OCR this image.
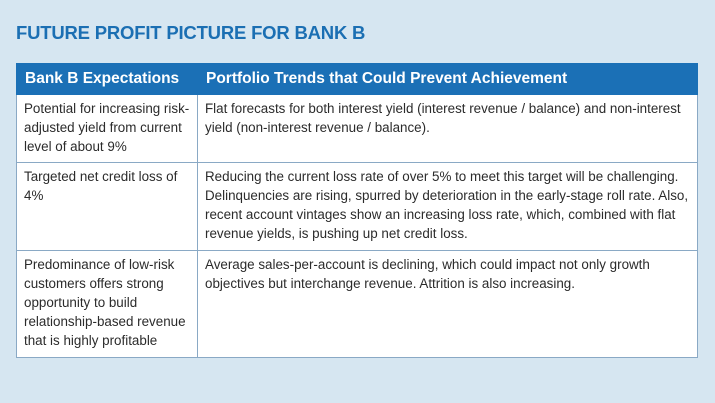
FUTURE PROFIT PICTURE FOR BANK B
Bank B Expectations	Portfolio Trends that Could Prevent Achievement
Potential for increasing risk-adjusted yield from current level of about 9%	Flat forecasts for both interest yield (interest revenue / balance) and non-interest yield (non-interest revenue / balance).
Targeted net credit loss of 4%	Reducing the current loss rate of over 5% to meet this target will be challenging. Delinquencies are rising, spurred by deterioration in the early-stage roll rate. Also, recent account vintages show an increasing loss rate, which, combined with flat revenue yields, is pushing up net credit loss.
Predominance of low-risk customers offers strong opportunity to build relationship-based revenue that is highly profitable	Average sales-per-account is declining, which could impact not only growth objectives but interchange revenue. Attrition is also increasing.
